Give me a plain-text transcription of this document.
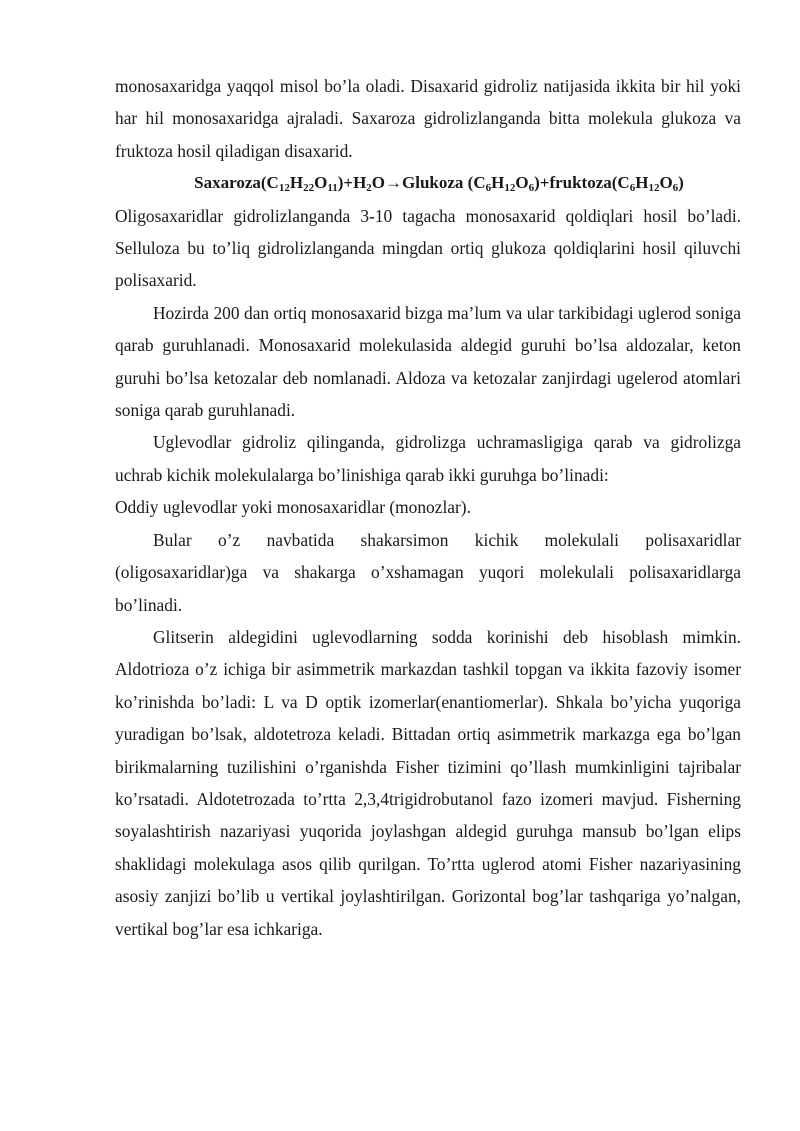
monosaxaridga yaqqol misol bo’la oladi. Disaxarid gidroliz natijasida ikkita bir hil yoki har hil monosaxaridga ajraladi. Saxaroza gidrolizlanganda bitta molekula glukoza va fruktoza hosil qiladigan disaxarid.

$Saxaroza(C_{12}H_{22}O_{11})+H_2O\to Glukoza$ $(C_6H_{12}O_6)+fruktoza(C_6H_{12}O_6)$

Oligosaxaridlar gidrolizlanganda 3-10 tagacha monosaxarid qoldiqlari hosil bo’ladi. Selluloza bu to’liq gidrolizlanganda mingdan ortiq glukoza qoldiqlarini hosil qiluvchi polisaxarid.

Hozirda 200 dan ortiq monosaxarid bizga ma’lum va ular tarkibidagi uglerod soniga qarab guruhlanadi. Monosaxarid molekulasida aldegid guruhi bo’lsa aldozalar, keton guruhi bo’lsa ketozalar deb nomlanadi. Aldoza va ketozalar zanjirdagi ugelerod atomlari soniga qarab guruhlanadi.

Uglevodlar gidroliz qilinganda, gidrolizga uchramasligiga qarab va gidrolizga uchrab kichik molekulalarga bo’linishiga qarab ikki guruhga bo’linadi:

Oddiy uglevodlar yoki monosaxaridlar (monozlar).

Bular o’z navbatida shakarsimon kichik molekulali polisaxaridlar (oligosaxaridlar)ga va shakarga o’xshamagan yuqori molekulali polisaxaridlarga bo’linadi.

Glitserin aldegidini uglevodlarning sodda korinishi deb hisoblash mimkin. Aldotrioza o’z ichiga bir asimmetrik markazdan tashkil topgan va ikkita fazoviy isomer ko’rinishda bo’ladi: L va D optik izomerlar(enantiomerlar). Shkala bo’yicha yuqoriga yuradigan bo’lsak, aldotetroza keladi. Bittadan ortiq asimmetrik markazga ega bo’lgan birikmalarning tuzilishini o’rganishda Fisher tizimini qo’llash mumkinligini tajribalar ko’rsatadi. Aldotetrozada to’rtta 2,3,4trigidrobutanol fazo izomeri mavjud. Fisherning soyalashtirish nazariyasi yuqorida joylashgan aldegid guruhga mansub bo’lgan elips shaklidagi molekulaga asos qilib qurilgan. To’rtta uglerod atomi Fisher nazariyasining asosiy zanjizi bo’lib u vertikal joylashtirilgan. Gorizontal bog’lar tashqariga yo’nalgan, vertikal bog’lar esa ichkariga.
